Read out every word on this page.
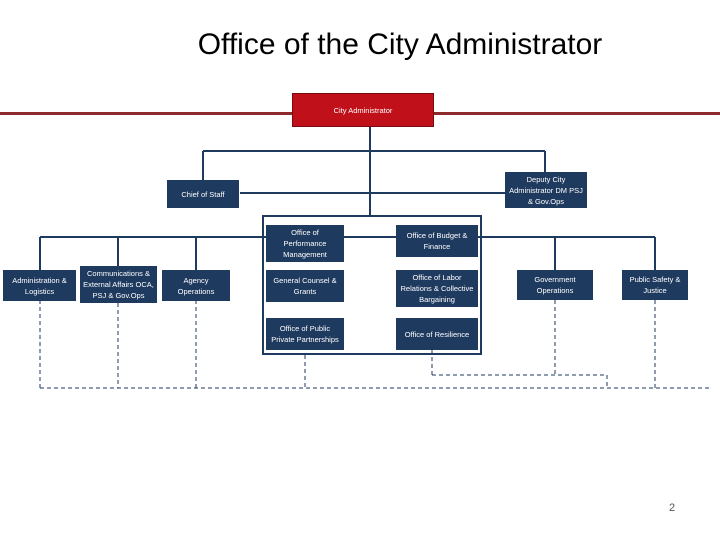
Office of the City Administrator
City Administrator
Chief of Staff
Deputy City Administrator DM PSJ & Gov.Ops
Administration & Logistics
Communications & External Affairs OCA, PSJ & Gov.Ops
Agency Operations
Office of Performance Management
General Counsel & Grants
Office of Public Private Partnerships
Office of Budget & Finance
Office of Labor Relations & Collective Bargaining
Office of Resilience
Government Operations
Public Safety & Justice
2
